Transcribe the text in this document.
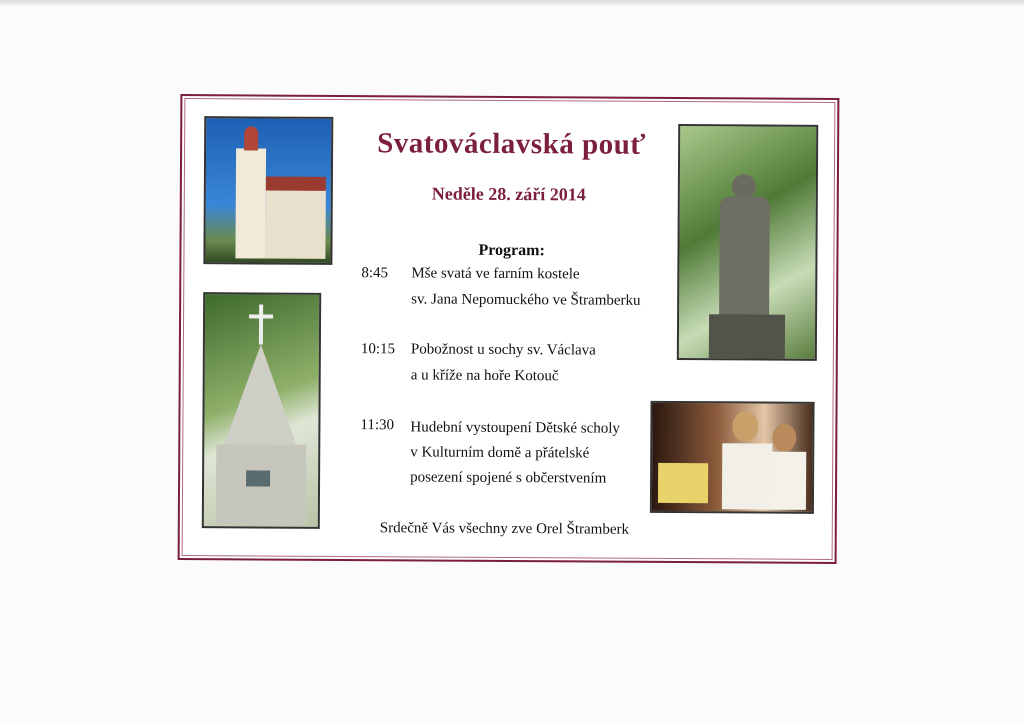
Svatováclavská pouť
Neděle 28. září 2014
Program:
8:45 Mše svatá ve farním kostele
sv. Jana Nepomuckého ve Štramberku
10:15 Pobožnost u sochy sv. Václava
a u kříže na hoře Kotouč
11:30 Hudební vystoupení Dětské scholy
v Kulturním domě a přátelské
posezení spojené s občerstvením
Srdečně Vás všechny zve Orel Štramberk
